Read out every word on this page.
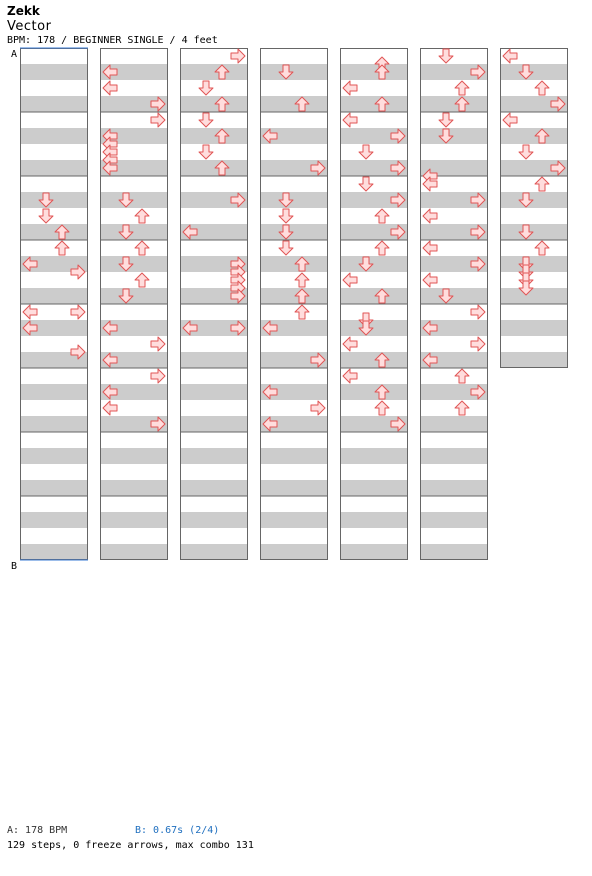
Zekk
Vector
BPM: 178 / BEGINNER SINGLE / 4 feet
A
B
A: 178 BPM	B: 0.67s (2/4)
129 steps, 0 freeze arrows, max combo 131
